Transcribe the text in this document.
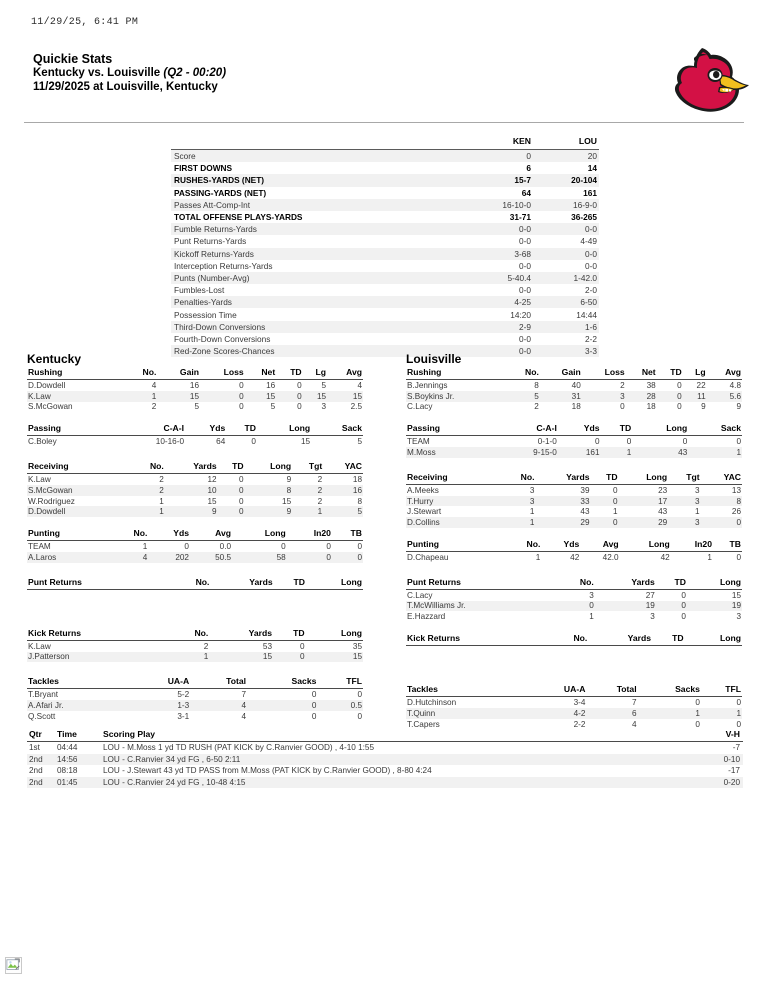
11/29/25, 6:41 PM
Quickie Stats
Kentucky vs. Louisville (Q2 - 00:20)
11/29/2025 at Louisville, Kentucky
	KEN	LOU
Score	0	20
FIRST DOWNS	6	14
RUSHES-YARDS (NET)	15-7	20-104
PASSING-YARDS (NET)	64	161
Passes Att-Comp-Int	16-10-0	16-9-0
TOTAL OFFENSE PLAYS-YARDS	31-71	36-265
Fumble Returns-Yards	0-0	0-0
Punt Returns-Yards	0-0	4-49
Kickoff Returns-Yards	3-68	0-0
Interception Returns-Yards	0-0	0-0
Punts (Number-Avg)	5-40.4	1-42.0
Fumbles-Lost	0-0	2-0
Penalties-Yards	4-25	6-50
Possession Time	14:20	14:44
Third-Down Conversions	2-9	1-6
Fourth-Down Conversions	0-0	2-2
Red-Zone Scores-Chances	0-0	3-3
Kentucky
Rushing	No.	Gain	Loss	Net	TD	Lg	Avg
D.Dowdell	4	16	0	16	0	5	4
K.Law	1	15	0	15	0	15	15
S.McGowan	2	5	0	5	0	3	2.5
Passing	C-A-I	Yds	TD	Long	Sack
C.Boley	10-16-0	64	0	15	5
Receiving	No.	Yards	TD	Long	Tgt	YAC
K.Law	2	12	0	9	2	18
S.McGowan	2	10	0	8	2	16
W.Rodriguez	1	15	0	15	2	8
D.Dowdell	1	9	0	9	1	5
Punting	No.	Yds	Avg	Long	In20	TB
TEAM	1	0	0.0	0	0	0
A.Laros	4	202	50.5	58	0	0
Punt Returns	No.	Yards	TD	Long
Kick Returns	No.	Yards	TD	Long
K.Law	2	53	0	35
J.Patterson	1	15	0	15
Tackles	UA-A	Total	Sacks	TFL
T.Bryant	5-2	7	0	0
A.Afari Jr.	1-3	4	0	0.5
Q.Scott	3-1	4	0	0
Louisville
Rushing	No.	Gain	Loss	Net	TD	Lg	Avg
B.Jennings	8	40	2	38	0	22	4.8
S.Boykins Jr.	5	31	3	28	0	11	5.6
C.Lacy	2	18	0	18	0	9	9
Passing	C-A-I	Yds	TD	Long	Sack
TEAM	0-1-0	0	0	0	0
M.Moss	9-15-0	161	1	43	1
Receiving	No.	Yards	TD	Long	Tgt	YAC
A.Meeks	3	39	0	23	3	13
T.Hurry	3	33	0	17	3	8
J.Stewart	1	43	1	43	1	26
D.Collins	1	29	0	29	3	0
Punting	No.	Yds	Avg	Long	In20	TB
D.Chapeau	1	42	42.0	42	1	0
Punt Returns	No.	Yards	TD	Long
C.Lacy	3	27	0	15
T.McWilliams Jr.	0	19	0	19
E.Hazzard	1	3	0	3
Kick Returns	No.	Yards	TD	Long
Tackles	UA-A	Total	Sacks	TFL
D.Hutchinson	3-4	7	0	0
T.Quinn	4-2	6	1	1
T.Capers	2-2	4	0	0
Qtr	Time	Scoring Play	V-H
1st	04:44	LOU - M.Moss 1 yd TD RUSH (PAT KICK by C.Ranvier GOOD) , 4-10 1:55	-7
2nd	14:56	LOU - C.Ranvier 34 yd FG , 6-50 2:11	0-10
2nd	08:18	LOU - J.Stewart 43 yd TD PASS from M.Moss (PAT KICK by C.Ranvier GOOD) , 8-80 4:24	-17
2nd	01:45	LOU - C.Ranvier 24 yd FG , 10-48 4:15	0-20
